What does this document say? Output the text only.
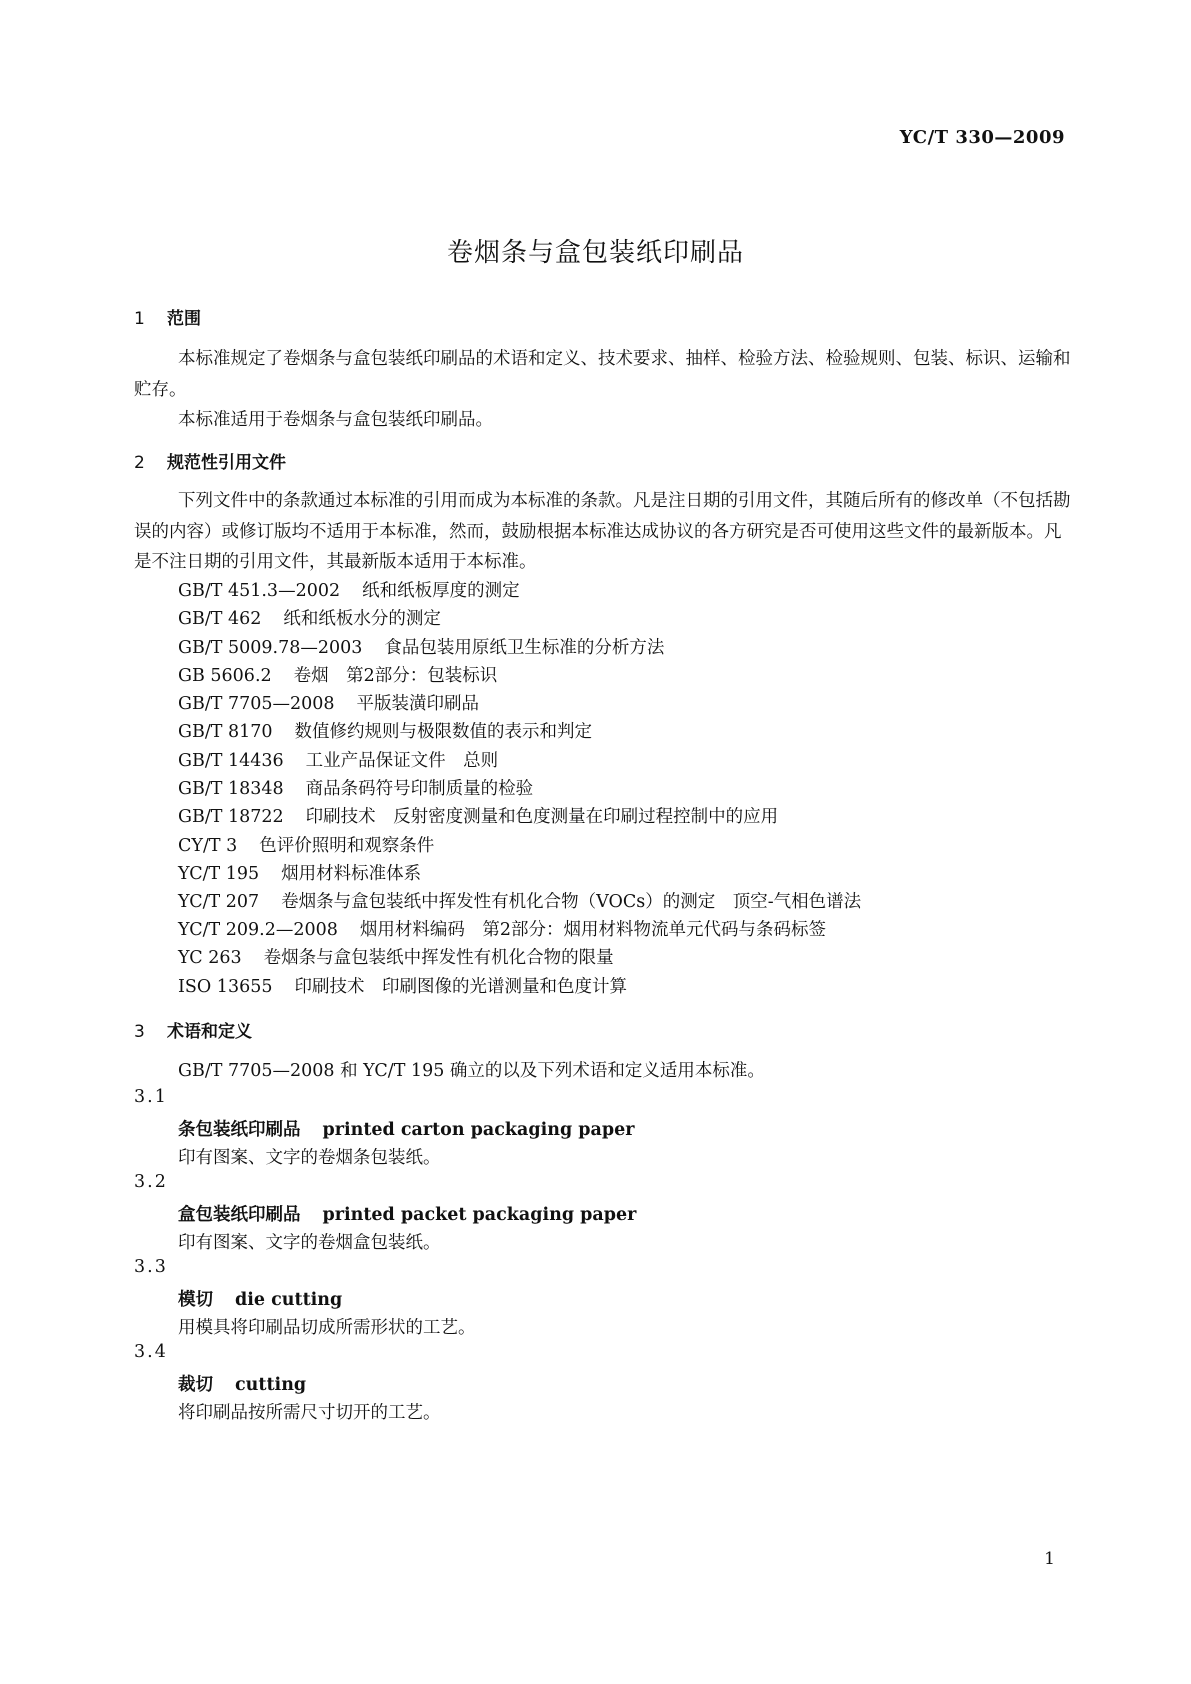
YC/T 330—2009
卷烟条与盒包装纸印刷品
1 范围
本标准规定了卷烟条与盒包装纸印刷品的术语和定义、技术要求、抽样、检验方法、检验规则、包装、标识、运输和贮存。
本标准适用于卷烟条与盒包装纸印刷品。
2 规范性引用文件
下列文件中的条款通过本标准的引用而成为本标准的条款。凡是注日期的引用文件，其随后所有的修改单（不包括勘误的内容）或修订版均不适用于本标准，然而，鼓励根据本标准达成协议的各方研究是否可使用这些文件的最新版本。凡是不注日期的引用文件，其最新版本适用于本标准。
GB/T 451.3—2002 纸和纸板厚度的测定
GB/T 462 纸和纸板水分的测定
GB/T 5009.78—2003 食品包装用原纸卫生标准的分析方法
GB 5606.2 卷烟　第2部分：包装标识
GB/T 7705—2008 平版装潢印刷品
GB/T 8170 数值修约规则与极限数值的表示和判定
GB/T 14436 工业产品保证文件　总则
GB/T 18348 商品条码符号印制质量的检验
GB/T 18722 印刷技术　反射密度测量和色度测量在印刷过程控制中的应用
CY/T 3 色评价照明和观察条件
YC/T 195 烟用材料标准体系
YC/T 207 卷烟条与盒包装纸中挥发性有机化合物（VOCs）的测定　顶空-气相色谱法
YC/T 209.2—2008 烟用材料编码　第2部分：烟用材料物流单元代码与条码标签
YC 263 卷烟条与盒包装纸中挥发性有机化合物的限量
ISO 13655 印刷技术　印刷图像的光谱测量和色度计算
3 术语和定义
GB/T 7705—2008 和 YC/T 195 确立的以及下列术语和定义适用本标准。
3.1
条包装纸印刷品 printed carton packaging paper
印有图案、文字的卷烟条包装纸。
3.2
盒包装纸印刷品 printed packet packaging paper
印有图案、文字的卷烟盒包装纸。
3.3
模切 die cutting
用模具将印刷品切成所需形状的工艺。
3.4
裁切 cutting
将印刷品按所需尺寸切开的工艺。
1
